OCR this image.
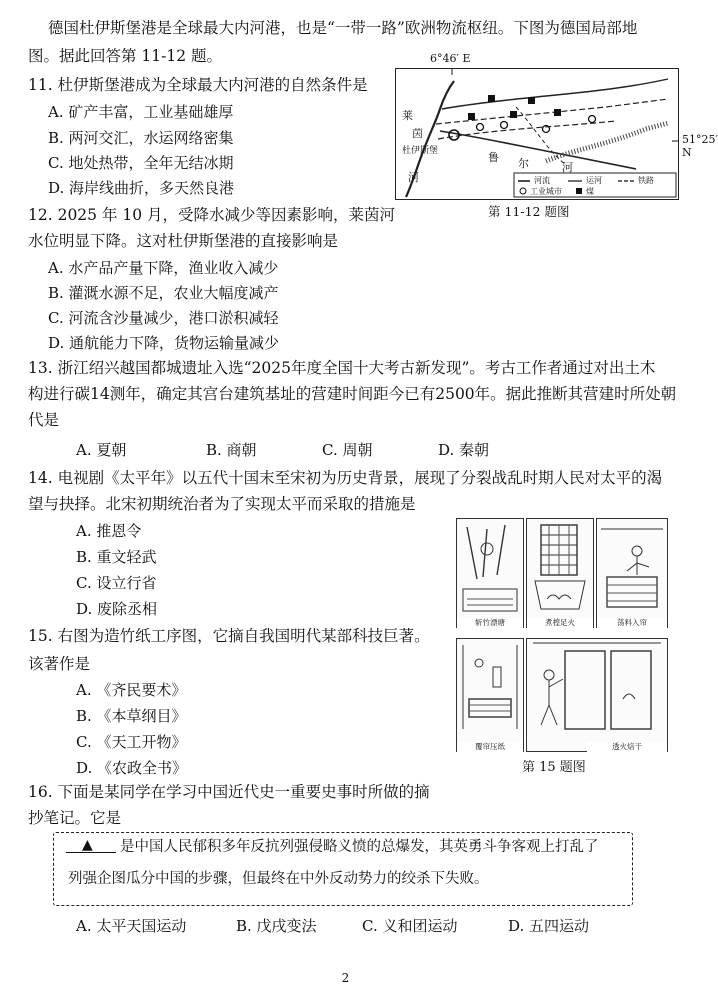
德国杜伊斯堡港是全球最大内河港，也是“一带一路”欧洲物流枢纽。下图为德国局部地
图。据此回答第 11-12 题。
11. 杜伊斯堡港成为全球最大内河港的自然条件是
A. 矿产丰富，工业基础雄厚
B. 两河交汇，水运网络密集
C. 地处热带，全年无结冰期
D. 海岸线曲折，多天然良港
6°46′ E
51°25′ N
莱
茵
杜伊斯堡	鲁 尔	河
河	河流	运河	铁路
工业城市	煤
第 11-12 题图
12. 2025 年 10 月，受降水减少等因素影响，莱茵河
水位明显下降。这对杜伊斯堡港的直接影响是
A. 水产品产量下降，渔业收入减少
B. 灌溉水源不足，农业大幅度减产
C. 河流含沙量减少，港口淤积减轻
D. 通航能力下降，货物运输量减少
13. 浙江绍兴越国都城遗址入选“2025年度全国十大考古新发现”。考古工作者通过对出土木
构进行碳14测年，确定其宫台建筑基址的营建时间距今已有2500年。据此推断其营建时所处朝
代是
A. 夏朝	B. 商朝	C. 周朝	D. 秦朝
14. 电视剧《太平年》以五代十国末至宋初为历史背景，展现了分裂战乱时期人民对太平的渴
望与抉择。北宋初期统治者为了实现太平而采取的措施是
A. 推恩令
B. 重文轻武
C. 设立行省
D. 废除丞相
15. 右图为造竹纸工序图，它摘自我国明代某部科技巨著。
该著作是
A. 《齐民要术》
B. 《本草纲目》
C. 《天工开物》
D. 《农政全书》
斩竹漂塘	煮楻足火	荡料入帘
覆帘压纸	透火焙干
第 15 题图
16. 下面是某同学在学习中国近代史一重要史事时所做的摘
抄笔记。它是
▲ 是中国人民郁积多年反抗列强侵略义愤的总爆发，其英勇斗争客观上打乱了
列强企图瓜分中国的步骤，但最终在中外反动势力的绞杀下失败。
A. 太平天国运动	B. 戊戌变法	C. 义和团运动	D. 五四运动
2
